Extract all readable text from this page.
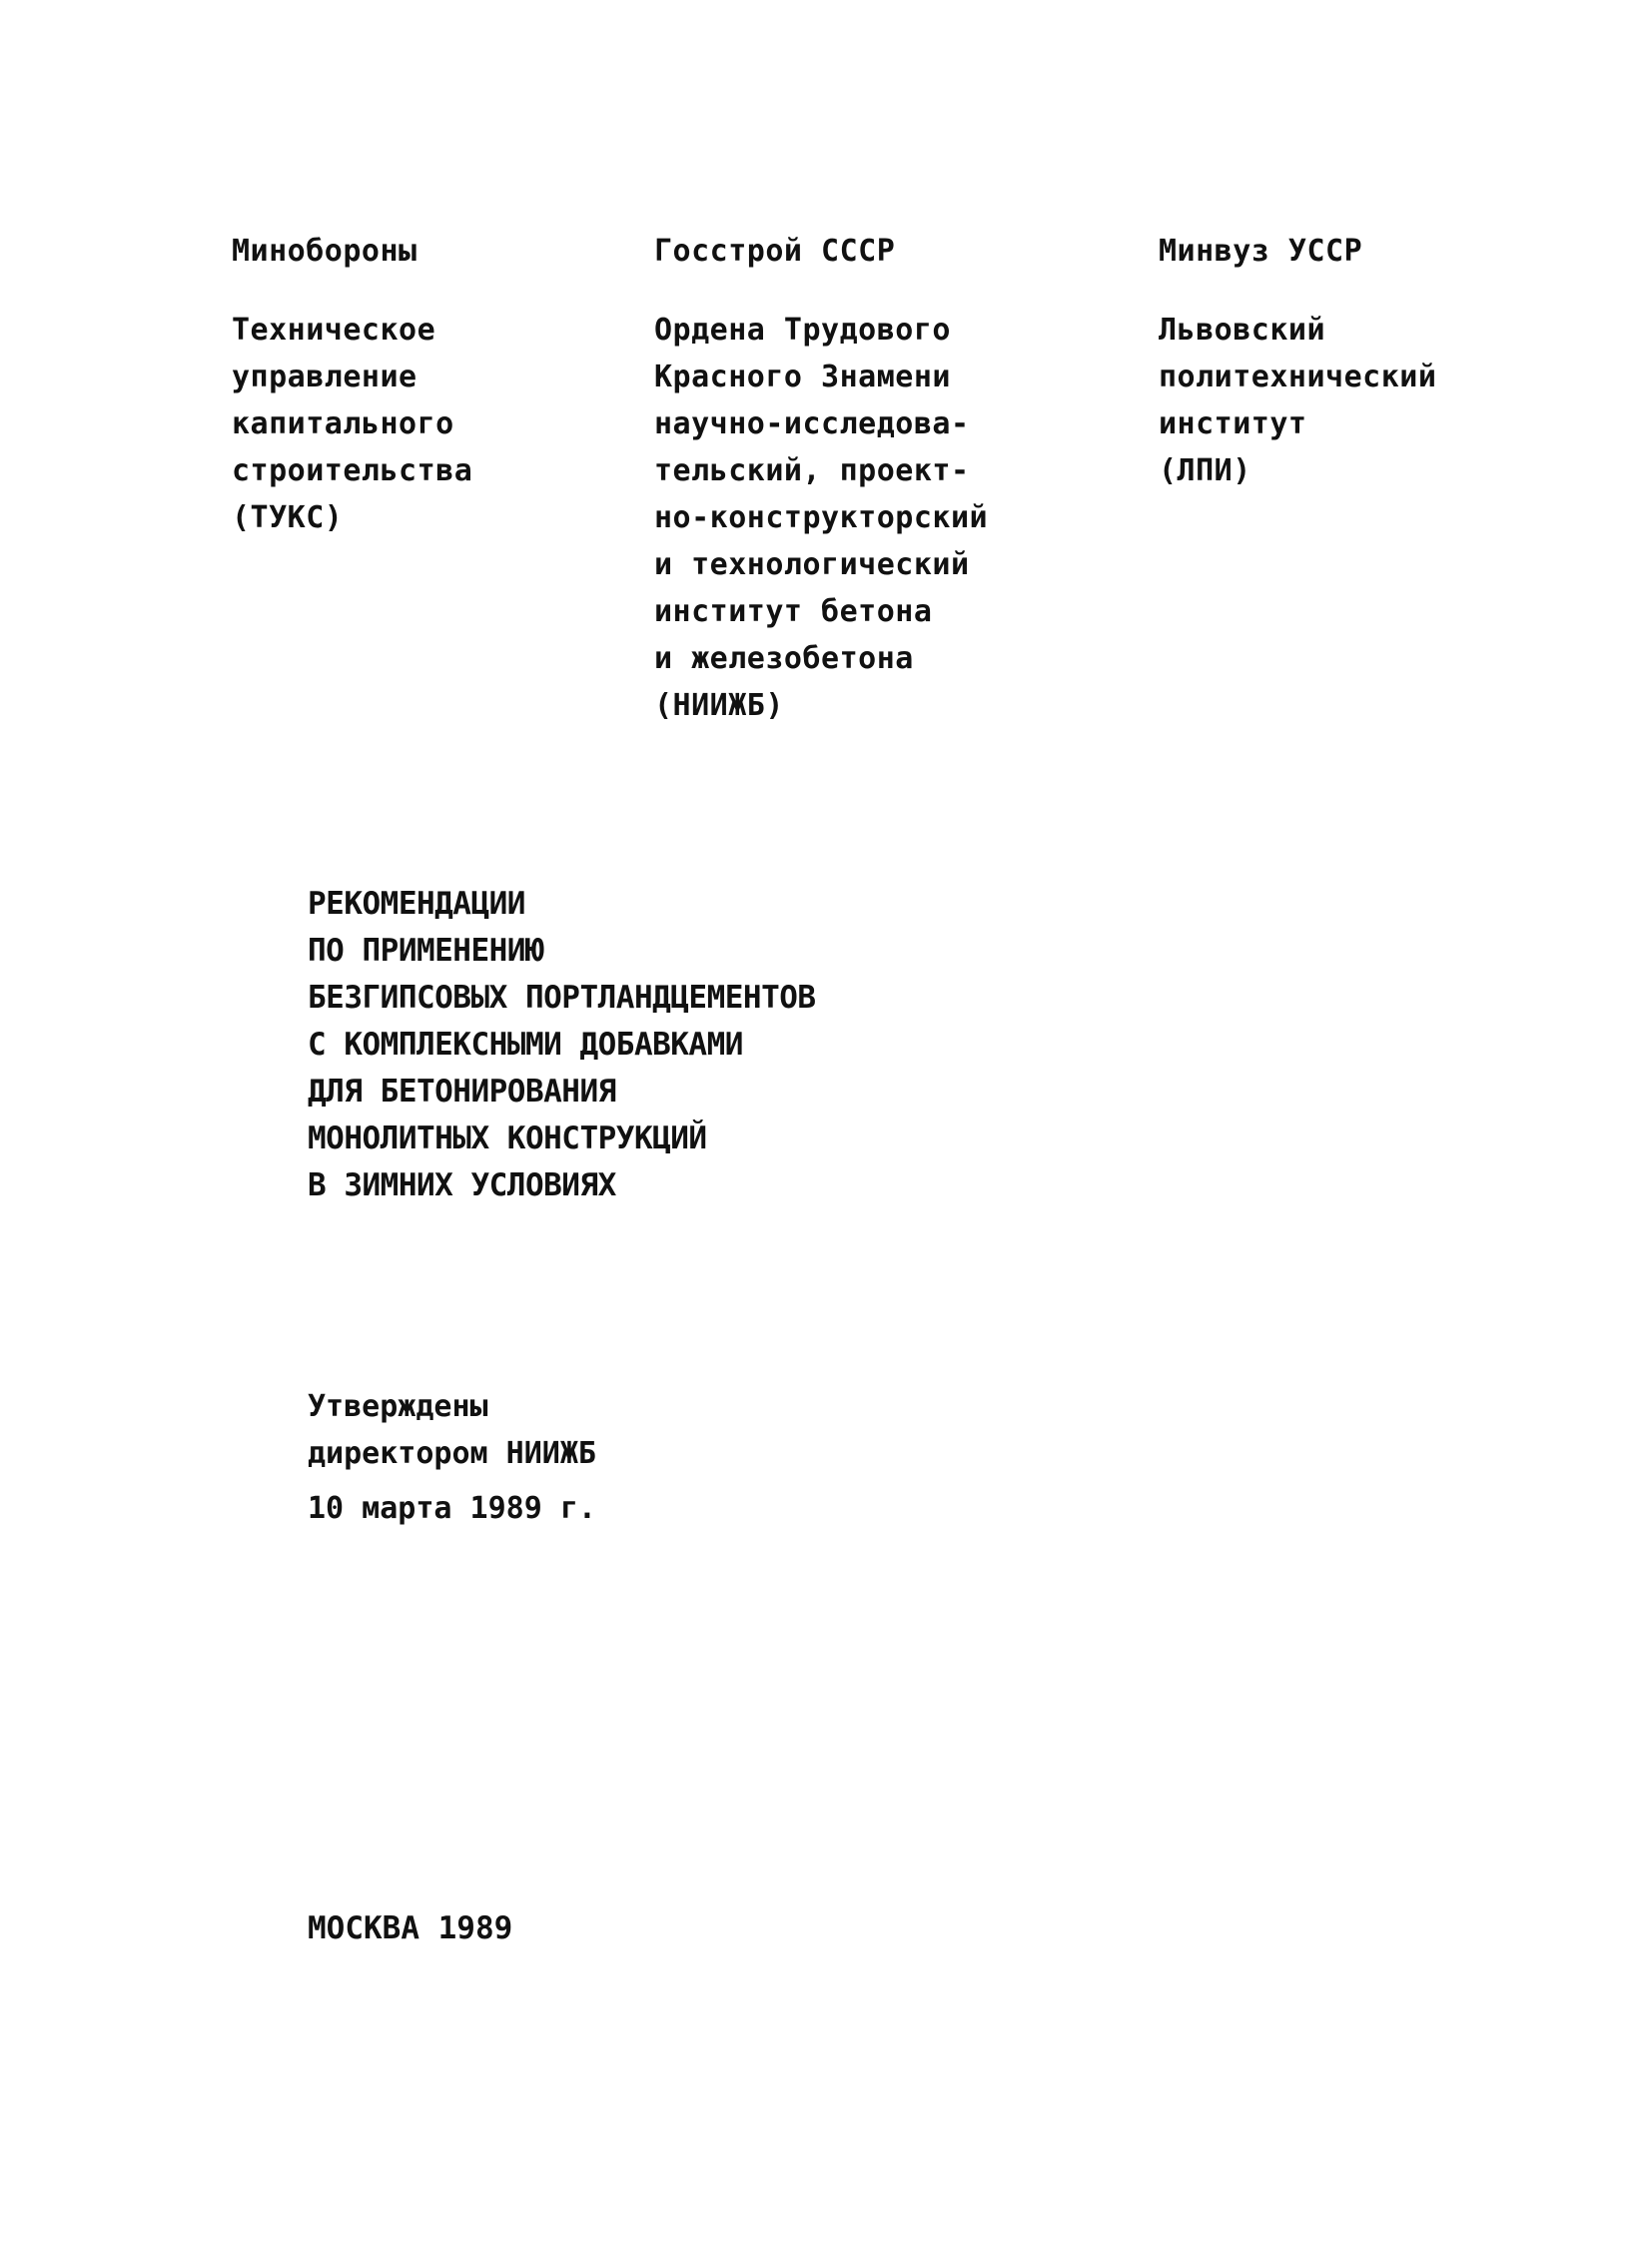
Минобороны
Техническое
управление
капитального
строительства
(ТУКС)
Госстрой СССР
Ордена Трудового
Красного Знамени
научно-исследова-
тельский, проект-
но-конструкторский
и технологический
институт бетона
и железобетона
(НИИЖБ)
Минвуз УССР
Львовский
политехнический
институт
(ЛПИ)
РЕКОМЕНДАЦИИ
ПО ПРИМЕНЕНИЮ
БЕЗГИПСОВЫХ ПОРТЛАНДЦЕМЕНТОВ
С КОМПЛЕКСНЫМИ ДОБАВКАМИ
ДЛЯ БЕТОНИРОВАНИЯ
МОНОЛИТНЫХ КОНСТРУКЦИЙ
В ЗИМНИХ УСЛОВИЯХ
Утверждены
директором НИИЖБ
10 марта 1989 г.
МОСКВА 1989
